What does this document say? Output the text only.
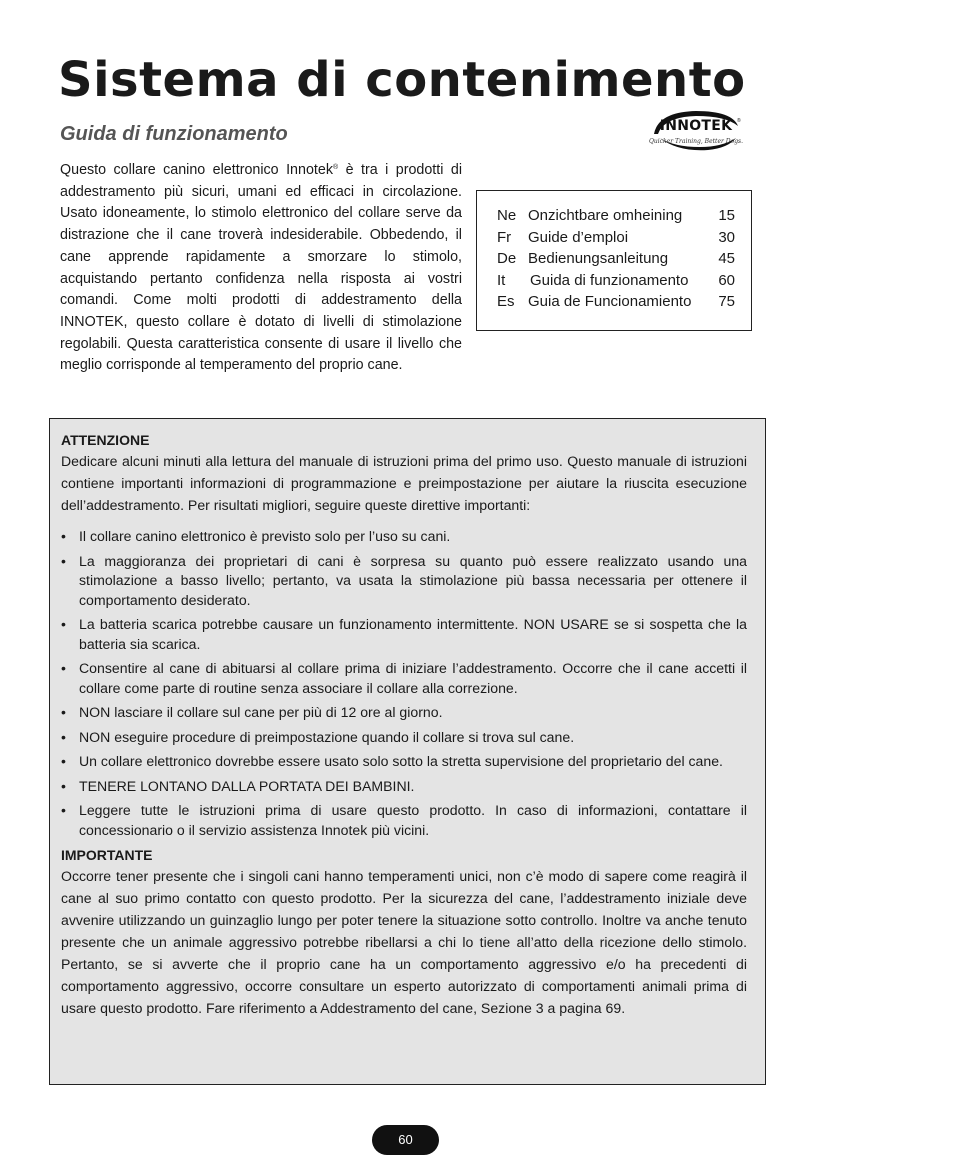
Sistema di contenimento
Guida di funzionamento	INNOTEK ®
Quicker Training, Better Dogs.

Questo collare canino elettronico Innotek® è tra i prodotti di addestramento più sicuri, umani ed efficaci in circolazione. Usato idoneamente, lo stimolo elettronico del collare serve da distrazione che il cane troverà indesiderabile. Obbedendo, il cane apprende rapidamente a smorzare lo stimolo, acquistando pertanto confidenza nella risposta ai vostri comandi. Come molti prodotti di addestramento della INNOTEK, questo collare è dotato di livelli di stimolazione regolabili. Questa caratteristica consente di usare il livello che meglio corrisponde al temperamento del proprio cane.

Ne Onzichtbare omheining 15
Fr Guide d’emploi	30
De Bedienungsanleitung	45
It Guida di funzionamento 60
Es Guia de Funcionamiento 75

ATTENZIONE

Dedicare alcuni minuti alla lettura del manuale di istruzioni prima del primo uso. Questo manuale di istruzioni contiene importanti informazioni di programmazione e preimpostazione per aiutare la riuscita esecuzione dell’addestramento. Per risultati migliori, seguire queste direttive importanti:

• Il collare canino elettronico è previsto solo per l’uso su cani.
• La maggioranza dei proprietari di cani è sorpresa su quanto può essere realizzato usando una stimolazione a basso livello; pertanto, va usata la stimolazione più bassa necessaria per ottenere il comportamento desiderato.
• La batteria scarica potrebbe causare un funzionamento intermittente. NON USARE se si sospetta che la batteria sia scarica.
• Consentire al cane di abituarsi al collare prima di iniziare l’addestramento. Occorre che il cane accetti il collare come parte di routine senza associare il collare alla correzione.
• NON lasciare il collare sul cane per più di 12 ore al giorno.
• NON eseguire procedure di preimpostazione quando il collare si trova sul cane.
• Un collare elettronico dovrebbe essere usato solo sotto la stretta supervisione del proprietario del cane.
• TENERE LONTANO DALLA PORTATA DEI BAMBINI.
• Leggere tutte le istruzioni prima di usare questo prodotto. In caso di informazioni, contattare il concessionario o il servizio assistenza Innotek più vicini.

IMPORTANTE

Occorre tener presente che i singoli cani hanno temperamenti unici, non c’è modo di sapere come reagirà il cane al suo primo contatto con questo prodotto. Per la sicurezza del cane, l’addestramento iniziale deve avvenire utilizzando un guinzaglio lungo per poter tenere la situazione sotto controllo. Inoltre va anche tenuto presente che un animale aggressivo potrebbe ribellarsi a chi lo tiene all’atto della ricezione dello stimolo. Pertanto, se si avverte che il proprio cane ha un comportamento aggressivo e/o ha precedenti di comportamento aggressivo, occorre consultare un esperto autorizzato di comportamenti animali prima di usare questo prodotto. Fare riferimento a Addestramento del cane, Sezione 3 a pagina 69.

60
